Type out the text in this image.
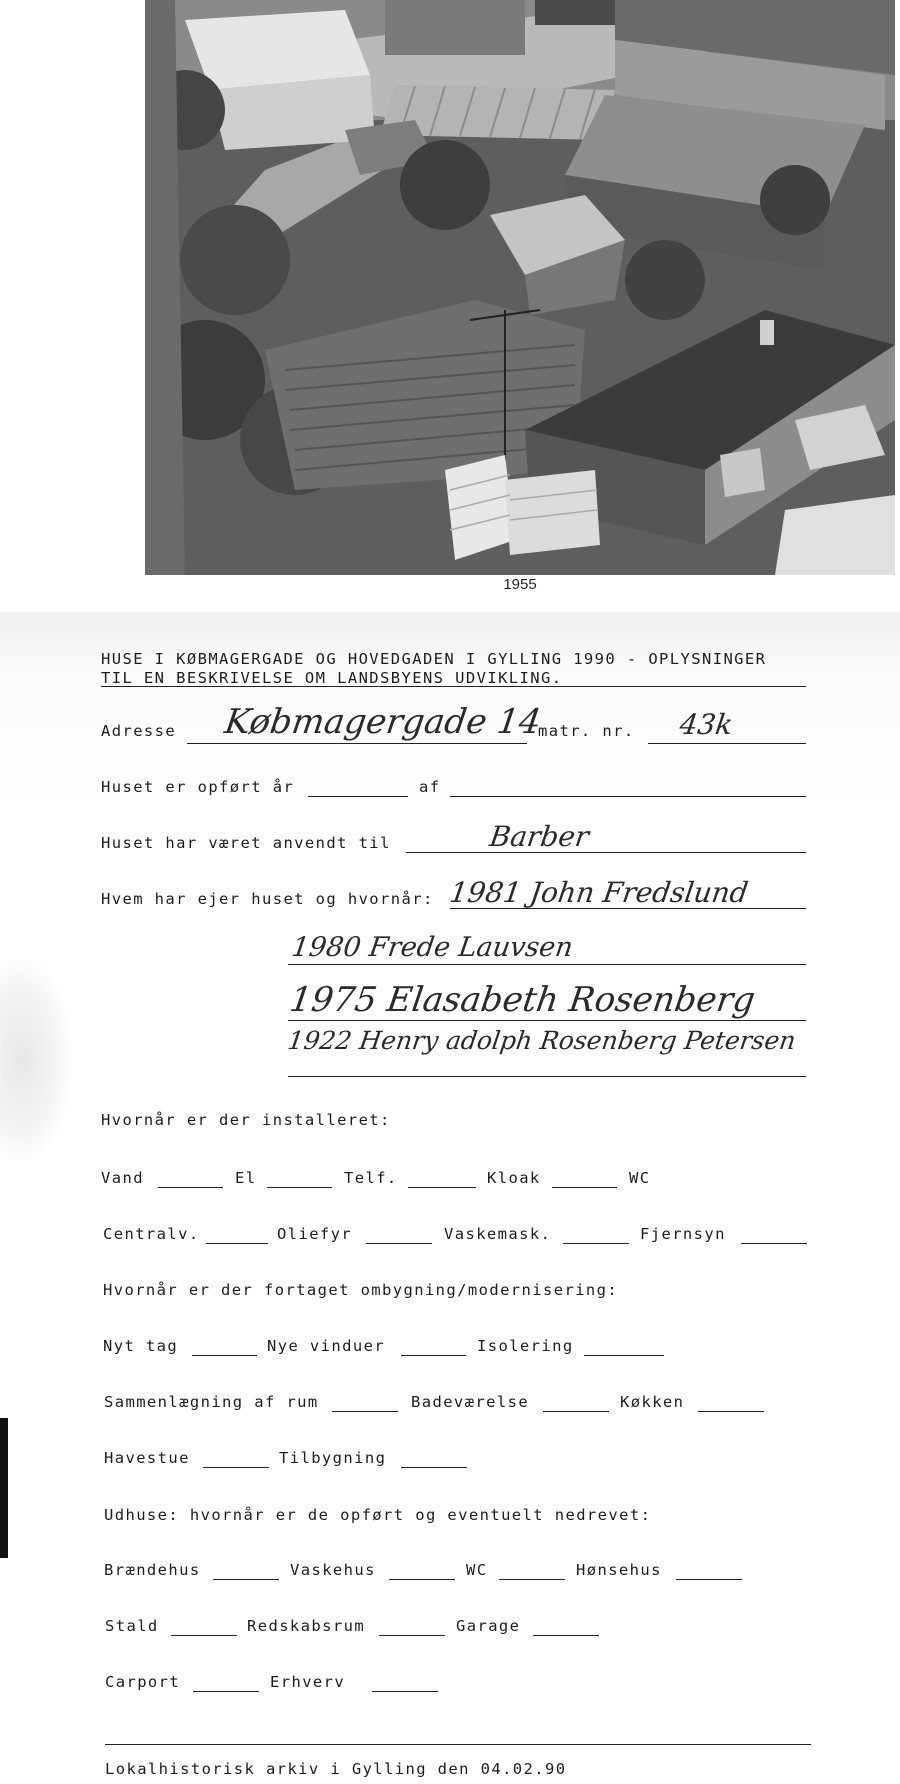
1955
HUSE I KØBMAGERGADE OG HOVEDGADEN I GYLLING 1990 - OPLYSNINGER
TIL EN BESKRIVELSE OM LANDSBYENS UDVIKLING.
Adresse Købmagergade 14
matr. nr. 43k
Huset er opført år	af
Huset har været anvendt til	Barber
Hvem har ejer huset og hvornår: 1981 John Fredslund
1980 Frede Lauvsen
1975 Elasabeth Rosenberg
1922 Henry adolph Rosenberg Petersen
Hvornår er der installeret:
Vand	El	Telf.	Kloak	WC
Centralv.	Oliefyr	Vaskemask.	Fjernsyn
Hvornår er der fortaget ombygning/modernisering:
Nyt tag	Nye vinduer	Isolering
Sammenlægning af rum	Badeværelse	Køkken
Havestue	Tilbygning
Udhuse: hvornår er de opført og eventuelt nedrevet:
Brændehus	Vaskehus	WC	Hønsehus
Stald	Redskabsrum	Garage
Carport	Erhverv
Lokalhistorisk arkiv i Gylling den 04.02.90
